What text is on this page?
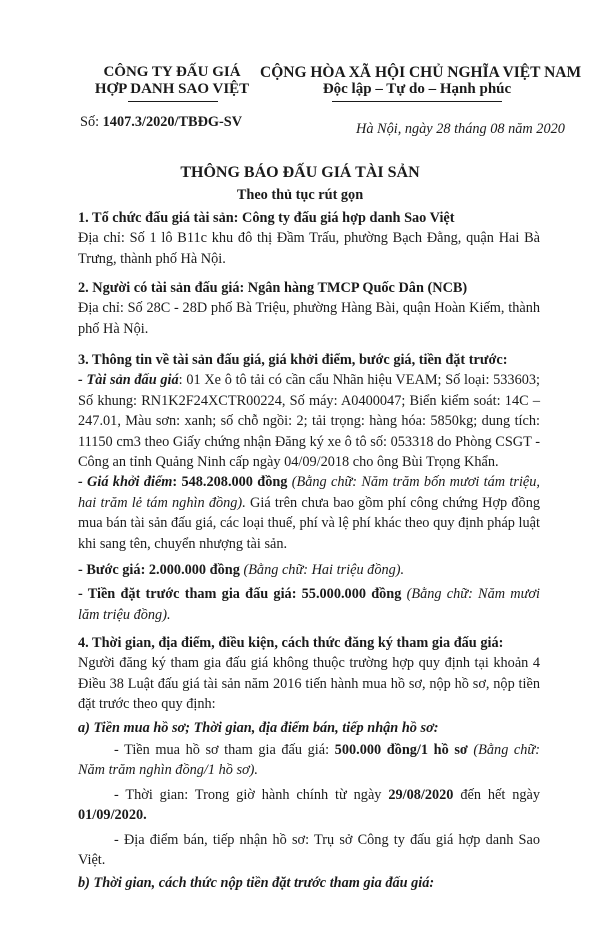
CÔNG TY ĐẤU GIÁ
HỢP DANH SAO VIỆT
Số: 1407.3/2020/TBĐG-SV
CỘNG HÒA XÃ HỘI CHỦ NGHĨA VIỆT NAM
Độc lập – Tự do – Hạnh phúc
Hà Nội, ngày 28 tháng 08 năm 2020
THÔNG BÁO ĐẤU GIÁ TÀI SẢN
Theo thủ tục rút gọn

1. Tổ chức đấu giá tài sản: Công ty đấu giá hợp danh Sao Việt

Địa chỉ: Số 1 lô B11c khu đô thị Đầm Trấu, phường Bạch Đằng, quận Hai Bà Trưng, thành phố Hà Nội.

2. Người có tài sản đấu giá: Ngân hàng TMCP Quốc Dân (NCB)

Địa chỉ: Số 28C - 28D phố Bà Triệu, phường Hàng Bài, quận Hoàn Kiếm, thành phố Hà Nội.

3. Thông tin về tài sản đấu giá, giá khởi điểm, bước giá, tiền đặt trước:

- Tài sản đấu giá: 01 Xe ô tô tải có cần cẩu Nhãn hiệu VEAM; Số loại: 533603; Số khung: RN1K2F24XCTR00224, Số máy: A0400047; Biển kiểm soát: 14C – 247.01, Màu sơn: xanh; số chỗ ngồi: 2; tải trọng: hàng hóa: 5850kg; dung tích: 11150 cm3 theo Giấy chứng nhận Đăng ký xe ô tô số: 053318 do Phòng CSGT - Công an tỉnh Quảng Ninh cấp ngày 04/09/2018 cho ông Bùi Trọng Khẩn.

- Giá khởi điểm: 548.208.000 đồng (Bằng chữ: Năm trăm bốn mươi tám triệu, hai trăm lẻ tám nghìn đồng). Giá trên chưa bao gồm phí công chứng Hợp đồng mua bán tài sản đấu giá, các loại thuế, phí và lệ phí khác theo quy định pháp luật khi sang tên, chuyển nhượng tài sản.

- Bước giá: 2.000.000 đồng (Bằng chữ: Hai triệu đồng).

- Tiền đặt trước tham gia đấu giá: 55.000.000 đồng (Bằng chữ: Năm mươi lăm triệu đồng).

4. Thời gian, địa điểm, điều kiện, cách thức đăng ký tham gia đấu giá:

Người đăng ký tham gia đấu giá không thuộc trường hợp quy định tại khoản 4 Điều 38 Luật đấu giá tài sản năm 2016 tiến hành mua hồ sơ, nộp hồ sơ, nộp tiền đặt trước theo quy định:

a) Tiền mua hồ sơ; Thời gian, địa điểm bán, tiếp nhận hồ sơ:

- Tiền mua hồ sơ tham gia đấu giá: 500.000 đồng/1 hồ sơ (Bằng chữ: Năm trăm nghìn đồng/1 hồ sơ).

- Thời gian: Trong giờ hành chính từ ngày 29/08/2020 đến hết ngày 01/09/2020.

- Địa điểm bán, tiếp nhận hồ sơ: Trụ sở Công ty đấu giá hợp danh Sao Việt.

b) Thời gian, cách thức nộp tiền đặt trước tham gia đấu giá:
